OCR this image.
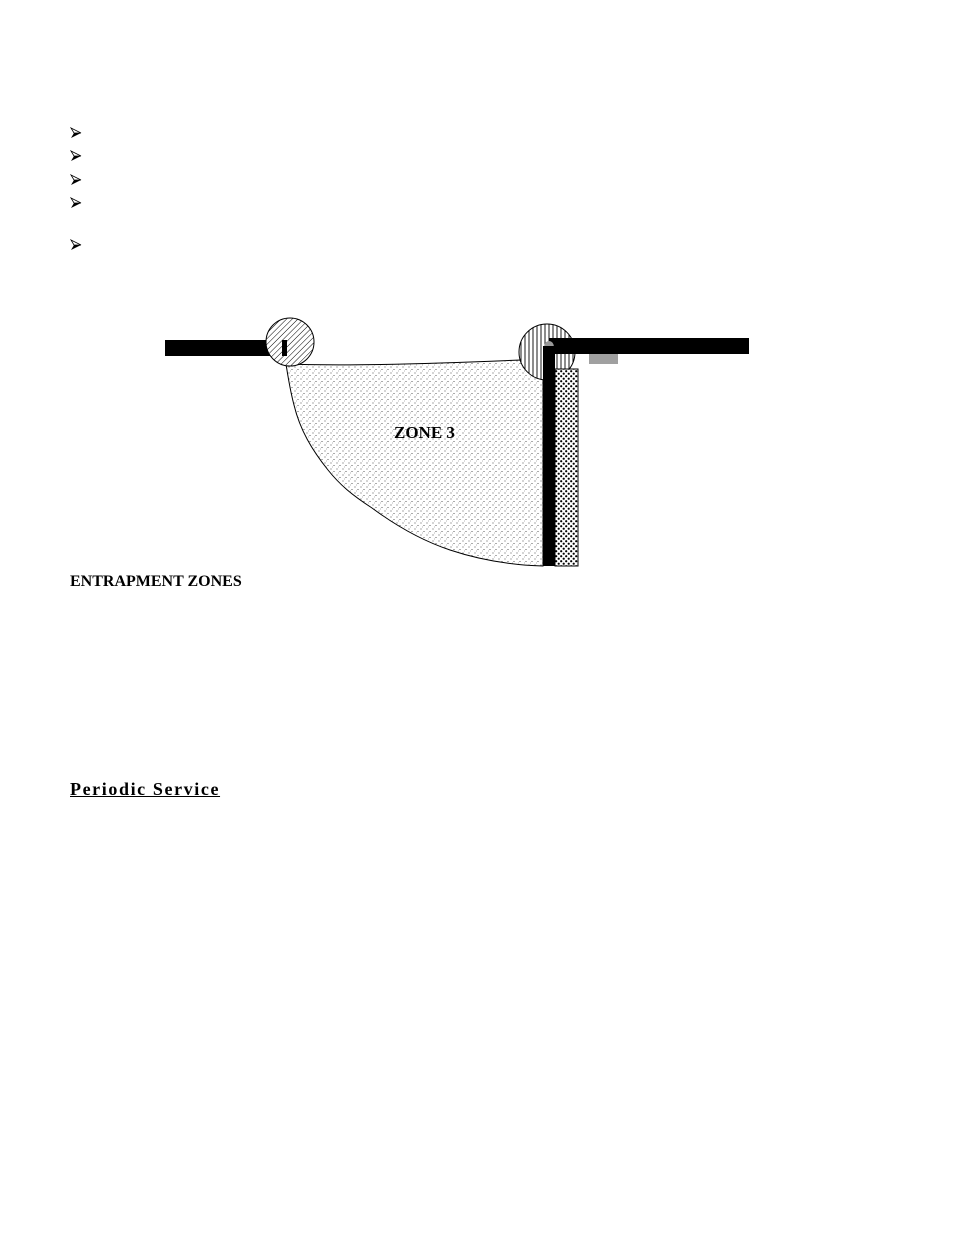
ZONE 3

ENTRAPMENT ZONES

Periodic Service
